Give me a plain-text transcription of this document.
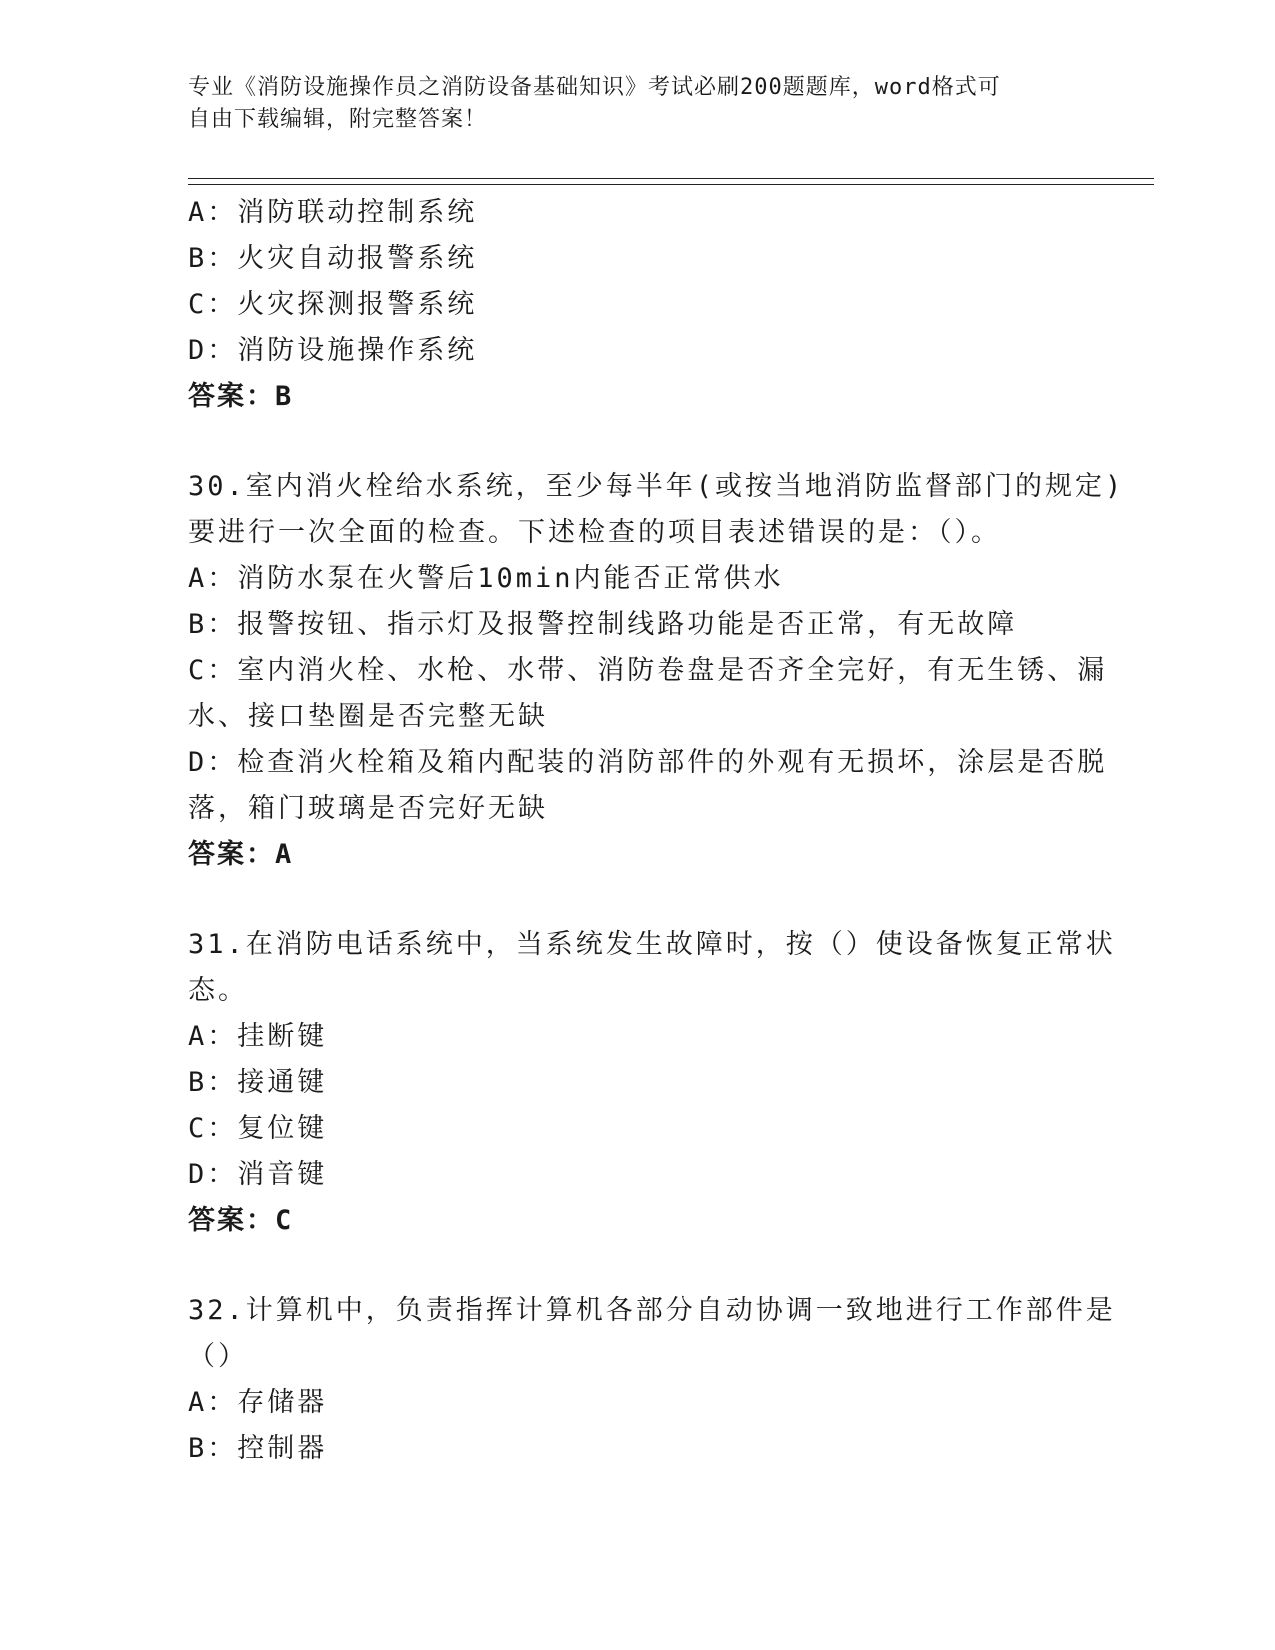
专业《消防设施操作员之消防设备基础知识》考试必刷200题题库，word格式可
自由下载编辑，附完整答案！
A：消防联动控制系统
B：火灾自动报警系统
C：火灾探测报警系统
D：消防设施操作系统
答案：B
30.室内消火栓给水系统，至少每半年(或按当地消防监督部门的规定)
要进行一次全面的检查。下述检查的项目表述错误的是：（）。
A：消防水泵在火警后10min内能否正常供水
B：报警按钮、指示灯及报警控制线路功能是否正常，有无故障
C：室内消火栓、水枪、水带、消防卷盘是否齐全完好，有无生锈、漏
水、接口垫圈是否完整无缺
D：检查消火栓箱及箱内配装的消防部件的外观有无损坏，涂层是否脱
落，箱门玻璃是否完好无缺
答案：A
31.在消防电话系统中，当系统发生故障时，按（）使设备恢复正常状
态。
A：挂断键
B：接通键
C：复位键
D：消音键
答案：C
32.计算机中，负责指挥计算机各部分自动协调一致地进行工作部件是
（）
A：存储器
B：控制器
